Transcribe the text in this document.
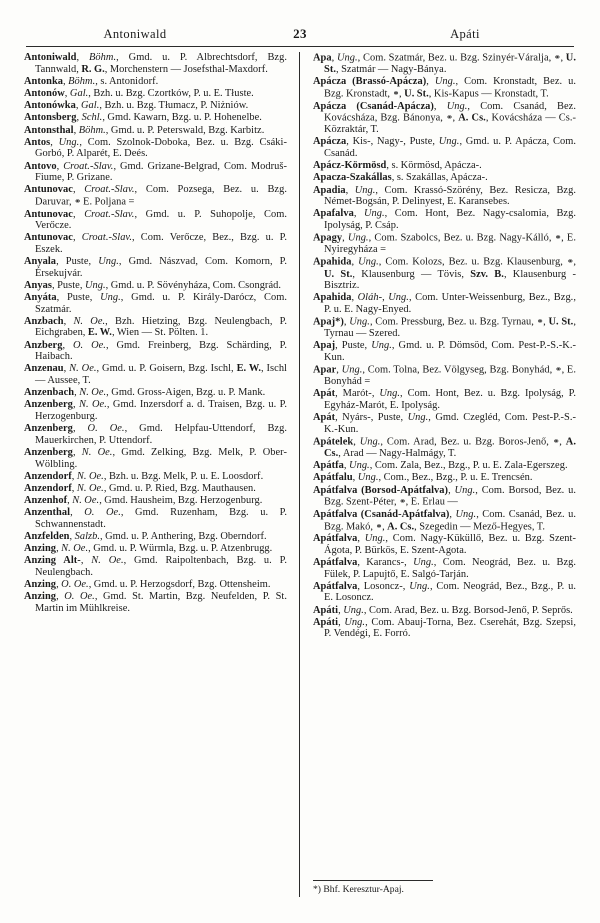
Antoniwald	23	Apáti
Antoniwald, Böhm., Gmd. u. P. Albrechtsdorf, Bzg. Tannwald, R. G., Morchenstern — Josefsthal-Maxdorf.
Antonka, Böhm., s. Antonidorf.
Antonów, Gal., Bzh. u. Bzg. Czortków, P. u. E. Tłuste.
Antonówka, Gal., Bzh. u. Bzg. Tłumacz, P. Niżniów.
Antonsberg, Schl., Gmd. Kawarn, Bzg. u. P. Hohenelbe.
Antonsthal, Böhm., Gmd. u. P. Peterswald, Bzg. Karbitz.
Antos, Ung., Com. Szolnok-Doboka, Bez. u. Bzg. Csáki-Gorbó, P. Alparét, E. Deés.
Antovo, Croat.-Slav., Gmd. Grizane-Belgrad, Com. Modruš-Fiume, P. Grizane.
Antunovac, Croat.-Slav., Com. Pozsega, Bez. u. Bzg. Daruvar, ⚭ E. Poljana =
Antunovac, Croat.-Slav., Gmd. u. P. Suhopolje, Com. Verőcze.
Antunovac, Croat.-Slav., Com. Verőcze, Bez., Bzg. u. P. Eszek.
Anyala, Puste, Ung., Gmd. Nászvad, Com. Komorn, P. Érsekujvár.
Anyas, Puste, Ung., Gmd. u. P. Sövényháza, Com. Csongrád.
Anyáta, Puste, Ung., Gmd. u. P. Király-Darócz, Com. Szatmár.
Anzbach, N. Oe., Bzh. Hietzing, Bzg. Neulengbach, P. Eichgraben, E. W., Wien — St. Pölten. 1.
Anzberg, O. Oe., Gmd. Freinberg, Bzg. Schärding, P. Haibach.
Anzenau, N. Oe., Gmd. u. P. Goisern, Bzg. Ischl, E. W., Ischl — Aussee, T.
Anzenbach, N. Oe., Gmd. Gross-Aigen, Bzg. u. P. Mank.
Anzenberg, N. Oe., Gmd. Inzersdorf a. d. Traisen, Bzg. u. P. Herzogenburg.
Anzenberg, O. Oe., Gmd. Helpfau-Uttendorf, Bzg. Mauerkirchen, P. Uttendorf.
Anzenberg, N. Oe., Gmd. Zelking, Bzg. Melk, P. Ober-Wölbling.
Anzendorf, N. Oe., Bzh. u. Bzg. Melk, P. u. E. Loosdorf.
Anzendorf, N. Oe., Gmd. u. P. Ried, Bzg. Mauthausen.
Anzenhof, N. Oe., Gmd. Hausheim, Bzg. Herzogenburg.
Anzenthal, O. Oe., Gmd. Ruzenham, Bzg. u. P. Schwannenstadt.
Anzfelden, Salzb., Gmd. u. P. Anthering, Bzg. Oberndorf.
Anzing, N. Oe., Gmd. u. P. Würmla, Bzg. u. P. Atzenbrugg.
Anzing Alt-, N. Oe., Gmd. Raipoltenbach, Bzg. u. P. Neulengbach.
Anzing, O. Oe., Gmd. u. P. Herzogsdorf, Bzg. Ottensheim.
Anzing, O. Oe., Gmd. St. Martin, Bzg. Neufelden, P. St. Martin im Mühlkreise.
Apa, Ung., Com. Szatmár, Bez. u. Bzg. Szinyér-Váralja, ⚭, U. St., Szatmár — Nagy-Bánya.
Apácza (Brassó-Apácza), Ung., Com. Kronstadt, Bez. u. Bzg. Kronstadt, ⚭, U. St., Kis-Kapus — Kronstadt, T.
Apácza (Csanád-Apácza), Ung., Com. Csanád, Bez. Kovácsháza, Bzg. Bánonya, ⚭, A. Cs., Kovácsháza — Cs.-Közraktár, T.
Apácza, Kis-, Nagy-, Puste, Ung., Gmd. u. P. Apácza, Com. Csanád.
Apácz-Körmösd, s. Körmösd, Apácza-.
Apacza-Szakállas, s. Szakállas, Apácza-.
Apadia, Ung., Com. Krassó-Szörény, Bez. Resicza, Bzg. Német-Bogsán, P. Delinyest, E. Karansebes.
Apafalva, Ung., Com. Hont, Bez. Nagy-csalomia, Bzg. Ipolyság, P. Csáp.
Apagy, Ung., Com. Szabolcs, Bez. u. Bzg. Nagy-Kálló, ⚭, E. Nyiregyháza =
Apahida, Ung., Com. Kolozs, Bez. u. Bzg. Klausenburg, ⚭, U. St., Klausenburg — Tövis, Szv. B., Klausenburg - Bisztriz.
Apahida, Oláh-, Ung., Com. Unter-Weissenburg, Bez., Bzg., P. u. E. Nagy-Enyed.
Apaj*), Ung., Com. Pressburg, Bez. u. Bzg. Tyrnau, ⚭, U. St., Tyrnau — Szered.
Apaj, Puste, Ung., Gmd. u. P. Dömsöd, Com. Pest-P.-S.-K.-Kun.
Apar, Ung., Com. Tolna, Bez. Völgyseg, Bzg. Bonyhád, ⚭, E. Bonyhád =
Apát, Marót-, Ung., Com. Hont, Bez. u. Bzg. Ipolyság, P. Egyház-Marót, E. Ipolyság.
Apát, Nyárs-, Puste, Ung., Gmd. Czegléd, Com. Pest-P.-S.-K.-Kun.
Apátelek, Ung., Com. Arad, Bez. u. Bzg. Boros-Jenő, ⚭, A. Cs., Arad — Nagy-Halmágy, T.
Apátfa, Ung., Com. Zala, Bez., Bzg., P. u. E. Zala-Egerszeg.
Apátfalu, Ung., Com., Bez., Bzg., P. u. E. Trencsén.
Apátfalva (Borsod-Apátfalva), Ung., Com. Borsod, Bez. u. Bzg. Szent-Péter, ⚭, E. Erlau —
Apátfalva (Csanád-Apátfalva), Ung., Com. Csanád, Bez. u. Bzg. Makó, ⚭, A. Cs., Szegedin — Mező-Hegyes, T.
Apátfalva, Ung., Com. Nagy-Küküllő, Bez. u. Bzg. Szent-Ágota, P. Bürkös, E. Szent-Agota.
Apátfalva, Karancs-, Ung., Com. Neográd, Bez. u. Bzg. Fülek, P. Lapujtő, E. Salgó-Tarján.
Apátfalva, Losoncz-, Ung., Com. Neográd, Bez., Bzg., P. u. E. Losoncz.
Apáti, Ung., Com. Arad, Bez. u. Bzg. Borsod-Jenő, P. Seprős.
Apáti, Ung., Com. Abauj-Torna, Bez. Cserehát, Bzg. Szepsi, P. Vendégi, E. Forró.
*) Bhf. Keresztur-Apaj.
